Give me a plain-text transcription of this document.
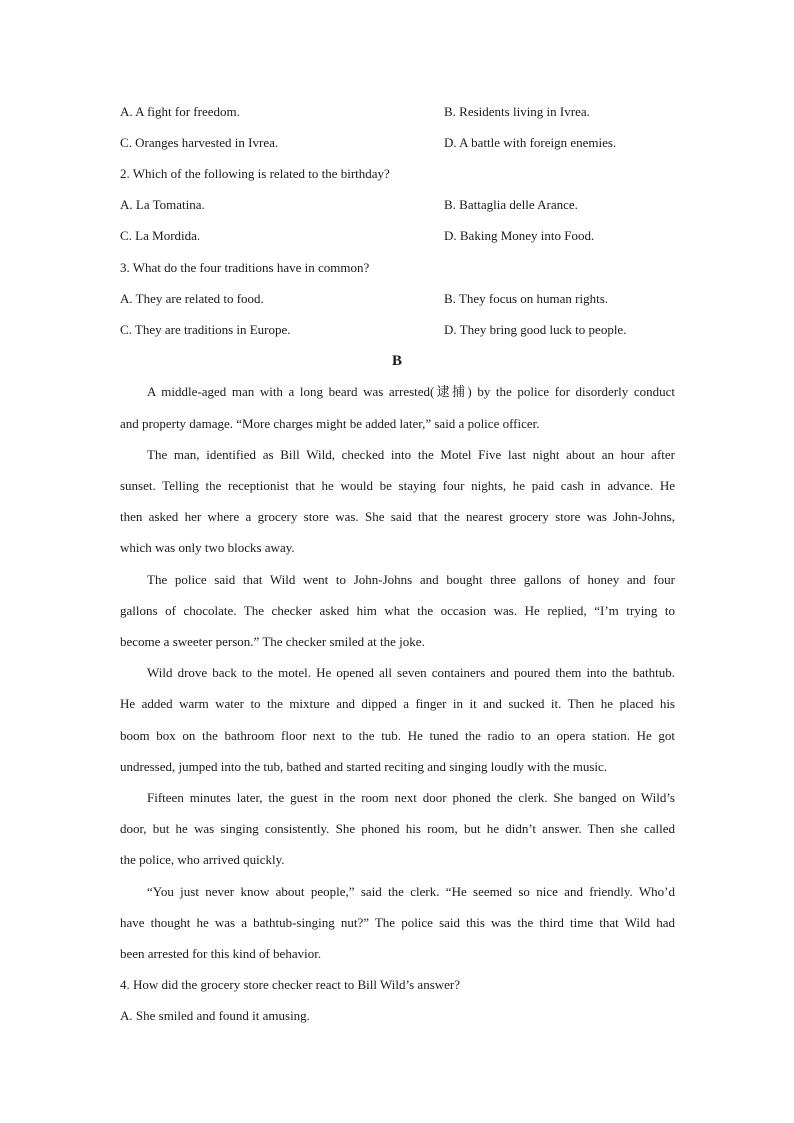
A. A fight for freedom.	B. Residents living in Ivrea.
C. Oranges harvested in Ivrea.	D. A battle with foreign enemies.
2. Which of the following is related to the birthday?
A. La Tomatina.	B. Battaglia delle Arance.
C. La Mordida.	D. Baking Money into Food.
3. What do the four traditions have in common?
A. They are related to food.	B. They focus on human rights.
C. They are traditions in Europe.	D. They bring good luck to people.
B
A middle-aged man with a long beard was arrested(逮捕) by the police for disorderly conduct
and property damage. “More charges might be added later,” said a police officer.
The man, identified as Bill Wild, checked into the Motel Five last night about an hour after
sunset. Telling the receptionist that he would be staying four nights, he paid cash in advance. He
then asked her where a grocery store was. She said that the nearest grocery store was John-Johns,
which was only two blocks away.
The police said that Wild went to John-Johns and bought three gallons of honey and four
gallons of chocolate. The checker asked him what the occasion was. He replied, “I’m trying to
become a sweeter person.” The checker smiled at the joke.
Wild drove back to the motel. He opened all seven containers and poured them into the bathtub.
He added warm water to the mixture and dipped a finger in it and sucked it. Then he placed his
boom box on the bathroom floor next to the tub. He tuned the radio to an opera station. He got
undressed, jumped into the tub, bathed and started reciting and singing loudly with the music.
Fifteen minutes later, the guest in the room next door phoned the clerk. She banged on Wild’s
door, but he was singing consistently. She phoned his room, but he didn’t answer. Then she called
the police, who arrived quickly.
“You just never know about people,” said the clerk. “He seemed so nice and friendly. Who’d
have thought he was a bathtub-singing nut?” The police said this was the third time that Wild had
been arrested for this kind of behavior.
4. How did the grocery store checker react to Bill Wild’s answer?
A. She smiled and found it amusing.
